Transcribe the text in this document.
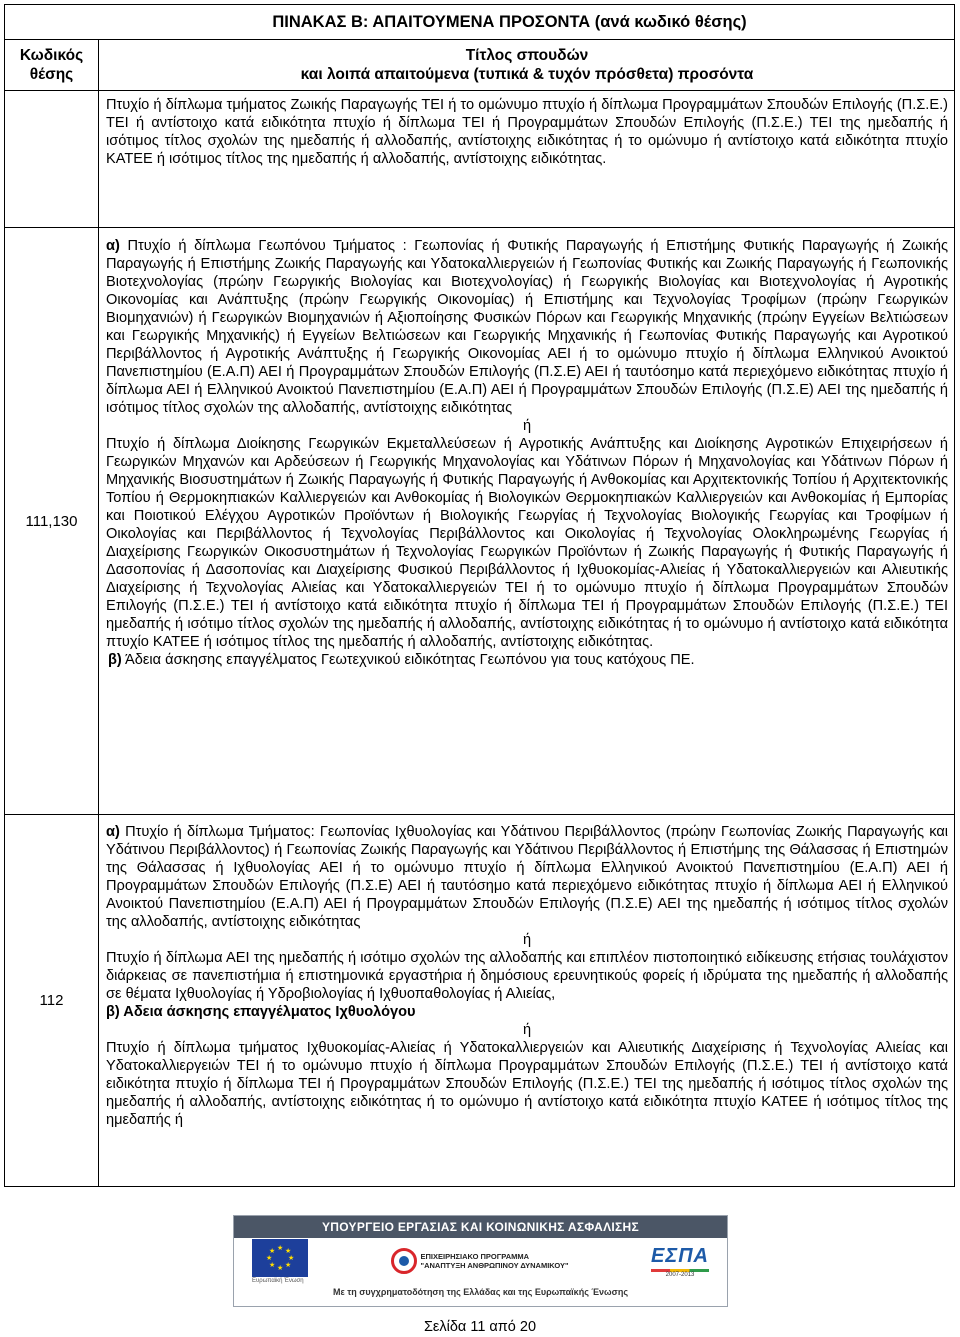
ΠΙΝΑΚΑΣ Β: ΑΠΑΙΤΟΥΜΕΝΑ ΠΡΟΣΟΝΤΑ (ανά κωδικό θέσης)
Κωδικός θέσης
Τίτλος σπουδών
και λοιπά απαιτούμενα (τυπικά & τυχόν πρόσθετα) προσόντα

Πτυχίο ή δίπλωμα τμήματος Ζωικής Παραγωγής ΤΕΙ ή το ομώνυμο πτυχίο ή δίπλωμα Προγραμμάτων Σπουδών Επιλογής (Π.Σ.Ε.) ΤΕΙ ή αντίστοιχο κατά ειδικότητα πτυχίο ή δίπλωμα ΤΕΙ ή Προγραμμάτων Σπουδών Επιλογής (Π.Σ.Ε.) ΤΕΙ της ημεδαπής ή ισότιμος τίτλος σχολών της ημεδαπής ή αλλοδαπής, αντίστοιχης ειδικότητας ή το ομώνυμο ή αντίστοιχο κατά ειδικότητα πτυχίο ΚΑΤΕΕ ή ισότιμος τίτλος της ημεδαπής ή αλλοδαπής, αντίστοιχης ειδικότητας.

111,130

α) Πτυχίο ή δίπλωμα Γεωπόνου Τμήματος : Γεωπονίας ή Φυτικής Παραγωγής ή Επιστήμης Φυτικής Παραγωγής ή Ζωικής Παραγωγής ή Επιστήμης Ζωικής Παραγωγής και Υδατοκαλλιεργειών ή Γεωπονίας Φυτικής και Ζωικής Παραγωγής ή Γεωπονικής Βιοτεχνολογίας (πρώην Γεωργικής Βιολογίας και Βιοτεχνολογίας) ή Γεωργικής Βιολογίας και Βιοτεχνολογίας ή Αγροτικής Οικονομίας και Ανάπτυξης (πρώην Γεωργικής Οικονομίας) ή Επιστήμης και Τεχνολογίας Τροφίμων (πρώην Γεωργικών Βιομηχανιών) ή Γεωργικών Βιομηχανιών ή Αξιοποίησης Φυσικών Πόρων και Γεωργικής Μηχανικής (πρώην Εγγείων Βελτιώσεων και Γεωργικής Μηχανικής) ή Εγγείων Βελτιώσεων και Γεωργικής Μηχανικής ή Γεωπονίας Φυτικής Παραγωγής και Αγροτικού Περιβάλλοντος ή Αγροτικής Ανάπτυξης ή Γεωργικής Οικονομίας ΑΕΙ ή το ομώνυμο πτυχίο ή δίπλωμα Ελληνικού Ανοικτού Πανεπιστημίου (Ε.Α.Π) ΑΕΙ ή Προγραμμάτων Σπουδών Επιλογής (Π.Σ.Ε) ΑΕΙ ή ταυτόσημο κατά περιεχόμενο ειδικότητας πτυχίο ή δίπλωμα ΑΕΙ ή Ελληνικού Ανοικτού Πανεπιστημίου (Ε.Α.Π) ΑΕΙ ή Προγραμμάτων Σπουδών Επιλογής (Π.Σ.Ε) ΑΕΙ της ημεδαπής ή ισότιμος τίτλος σχολών της αλλοδαπής, αντίστοιχης ειδικότητας

ή

Πτυχίο ή δίπλωμα Διοίκησης Γεωργικών Εκμεταλλεύσεων ή Αγροτικής Ανάπτυξης και Διοίκησης Αγροτικών Επιχειρήσεων ή Γεωργικών Μηχανών και Αρδεύσεων ή Γεωργικής Μηχανολογίας και Υδάτινων Πόρων ή Μηχανολογίας και Υδάτινων Πόρων ή Μηχανικής Βιοσυστημάτων ή Ζωικής Παραγωγής ή Φυτικής Παραγωγής ή Ανθοκομίας και Αρχιτεκτονικής Τοπίου ή Αρχιτεκτονικής Τοπίου ή Θερμοκηπιακών Καλλιεργειών και Ανθοκομίας ή Βιολογικών Θερμοκηπιακών Καλλιεργειών και Ανθοκομίας ή Εμπορίας και Ποιοτικού Ελέγχου Αγροτικών Προϊόντων ή Βιολογικής Γεωργίας ή Τεχνολογίας Βιολογικής Γεωργίας και Τροφίμων ή Οικολογίας και Περιβάλλοντος ή Τεχνολογίας Περιβάλλοντος και Οικολογίας ή Τεχνολογίας Ολοκληρωμένης Γεωργίας ή Διαχείρισης Γεωργικών Οικοσυστημάτων ή Τεχνολογίας Γεωργικών Προϊόντων ή Ζωικής Παραγωγής ή Φυτικής Παραγωγής ή Δασοπονίας ή Δασοπονίας και Διαχείρισης Φυσικού Περιβάλλοντος ή Ιχθυοκομίας-Αλιείας ή Υδατοκαλλιεργειών και Αλιευτικής Διαχείρισης ή Τεχνολογίας Αλιείας και Υδατοκαλλιεργειών ΤΕΙ ή το ομώνυμο πτυχίο ή δίπλωμα Προγραμμάτων Σπουδών Επιλογής (Π.Σ.Ε.) ΤΕΙ ή αντίστοιχο κατά ειδικότητα πτυχίο ή δίπλωμα ΤΕΙ ή Προγραμμάτων Σπουδών Επιλογής (Π.Σ.Ε.) ΤΕΙ ημεδαπής ή ισότιμο τίτλος σχολών της ημεδαπής ή αλλοδαπής, αντίστοιχης ειδικότητας ή το ομώνυμο ή αντίστοιχο κατά ειδικότητα πτυχίο ΚΑΤΕΕ ή ισότιμος τίτλος της ημεδαπής ή αλλοδαπής, αντίστοιχης ειδικότητας.

β) Άδεια άσκησης επαγγέλματος Γεωτεχνικού ειδικότητας Γεωπόνου για τους κατόχους ΠΕ.

112

α) Πτυχίο ή δίπλωμα Τμήματος: Γεωπονίας Ιχθυολογίας και Υδάτινου Περιβάλλοντος (πρώην Γεωπονίας Ζωικής Παραγωγής και Υδάτινου Περιβάλλοντος) ή Γεωπονίας Ζωικής Παραγωγής και Υδάτινου Περιβάλλοντος ή Επιστήμης της Θάλασσας ή Επιστημών της Θάλασσας ή Ιχθυολογίας ΑΕΙ ή το ομώνυμο πτυχίο ή δίπλωμα Ελληνικού Ανοικτού Πανεπιστημίου (Ε.Α.Π) ΑΕΙ ή Προγραμμάτων Σπουδών Επιλογής (Π.Σ.Ε) ΑΕΙ ή ταυτόσημο κατά περιεχόμενο ειδικότητας πτυχίο ή δίπλωμα ΑΕΙ ή Ελληνικού Ανοικτού Πανεπιστημίου (Ε.Α.Π) ΑΕΙ ή Προγραμμάτων Σπουδών Επιλογής (Π.Σ.Ε) ΑΕΙ της ημεδαπής ή ισότιμος τίτλος σχολών της αλλοδαπής, αντίστοιχης ειδικότητας

ή

Πτυχίο ή δίπλωμα ΑΕΙ της ημεδαπής ή ισότιμο σχολών της αλλοδαπής και επιπλέον πιστοποιητικό ειδίκευσης ετήσιας τουλάχιστον διάρκειας σε πανεπιστήμια ή επιστημονικά εργαστήρια ή δημόσιους ερευνητικούς φορείς ή ιδρύματα της ημεδαπής ή αλλοδαπής σε θέματα Ιχθυολογίας ή Υδροβιολογίας ή Ιχθυοπαθολογίας ή Αλιείας,

β) Αδεια άσκησης επαγγέλματος Ιχθυολόγου

ή

Πτυχίο ή δίπλωμα τμήματος Ιχθυοκομίας-Αλιείας ή Υδατοκαλλιεργειών και Αλιευτικής Διαχείρισης ή Τεχνολογίας Αλιείας και Υδατοκαλλιεργειών ΤΕΙ ή το ομώνυμο πτυχίο ή δίπλωμα Προγραμμάτων Σπουδών Επιλογής (Π.Σ.Ε.) ΤΕΙ ή αντίστοιχο κατά ειδικότητα πτυχίο ή δίπλωμα ΤΕΙ ή Προγραμμάτων Σπουδών Επιλογής (Π.Σ.Ε.) ΤΕΙ της ημεδαπής ή ισότιμος τίτλος σχολών της ημεδαπής ή αλλοδαπής, αντίστοιχης ειδικότητας ή το ομώνυμο ή αντίστοιχο κατά ειδικότητα πτυχίο ΚΑΤΕΕ ή ισότιμος τίτλος της ημεδαπής ή

ΥΠΟΥΡΓΕΙΟ ΕΡΓΑΣΙΑΣ ΚΑΙ ΚΟΙΝΩΝΙΚΗΣ ΑΣΦΑΛΙΣΗΣ
★ ★
★
★
★
★
★
★
Ευρωπαϊκή Ένωση
ΕΠΙΧΕΙΡΗΣΙΑΚΟ ΠΡΟΓΡΑΜΜΑ
"ΑΝΑΠΤΥΞΗ ΑΝΘΡΩΠΙΝΟΥ ΔΥΝΑΜΙΚΟΥ"	ΕΣΠΑ
2007-2013
Με τη συγχρηματοδότηση της Ελλάδας και της Ευρωπαϊκής Ένωσης
Σελίδα 11 από 20
